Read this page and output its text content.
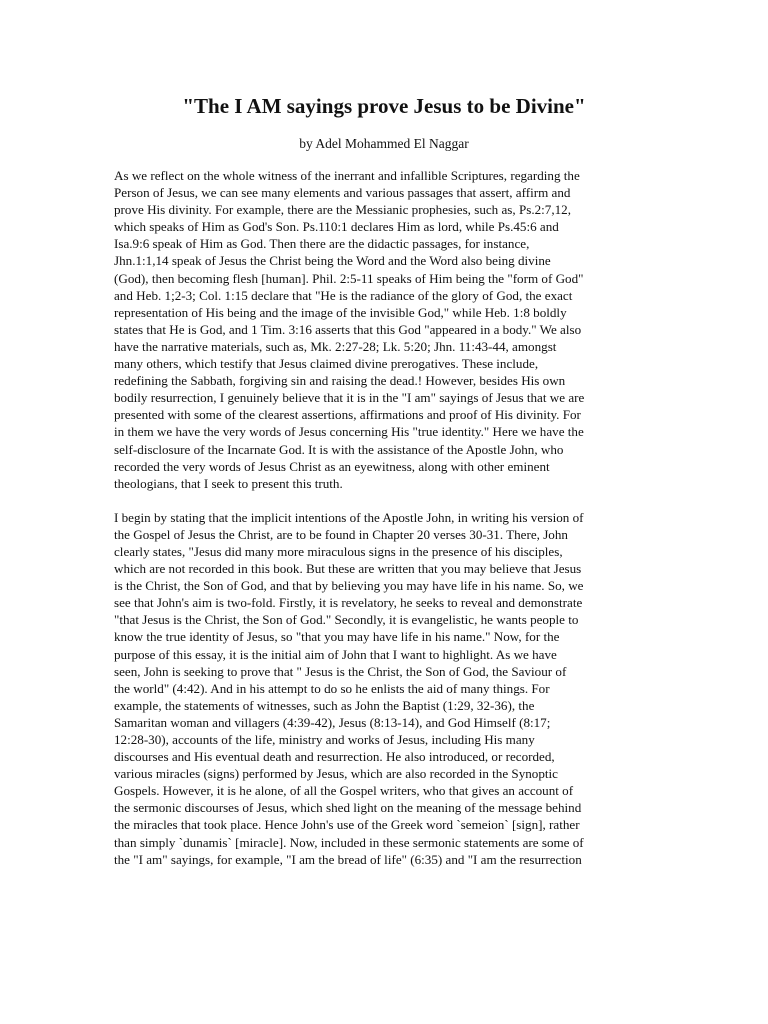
"The I AM sayings prove Jesus to be Divine"

by Adel Mohammed El Naggar

As we reflect on the whole witness of the inerrant and infallible Scriptures, regarding the
Person of Jesus, we can see many elements and various passages that assert, affirm and
prove His divinity. For example, there are the Messianic prophesies, such as, Ps.2:7,12,
which speaks of Him as God's Son. Ps.110:1 declares Him as lord, while Ps.45:6 and
Isa.9:6 speak of Him as God. Then there are the didactic passages, for instance,
Jhn.1:1,14 speak of Jesus the Christ being the Word and the Word also being divine
(God), then becoming flesh [human]. Phil. 2:5-11 speaks of Him being the "form of God"
and Heb. 1;2-3; Col. 1:15 declare that "He is the radiance of the glory of God, the exact
representation of His being and the image of the invisible God," while Heb. 1:8 boldly
states that He is God, and 1 Tim. 3:16 asserts that this God "appeared in a body." We also
have the narrative materials, such as, Mk. 2:27-28; Lk. 5:20; Jhn. 11:43-44, amongst
many others, which testify that Jesus claimed divine prerogatives. These include,
redefining the Sabbath, forgiving sin and raising the dead.! However, besides His own
bodily resurrection, I genuinely believe that it is in the "I am" sayings of Jesus that we are
presented with some of the clearest assertions, affirmations and proof of His divinity. For
in them we have the very words of Jesus concerning His "true identity." Here we have the
self-disclosure of the Incarnate God. It is with the assistance of the Apostle John, who
recorded the very words of Jesus Christ as an eyewitness, along with other eminent
theologians, that I seek to present this truth.

I begin by stating that the implicit intentions of the Apostle John, in writing his version of
the Gospel of Jesus the Christ, are to be found in Chapter 20 verses 30-31. There, John
clearly states, "Jesus did many more miraculous signs in the presence of his disciples,
which are not recorded in this book. But these are written that you may believe that Jesus
is the Christ, the Son of God, and that by believing you may have life in his name. So, we
see that John's aim is two-fold. Firstly, it is revelatory, he seeks to reveal and demonstrate
"that Jesus is the Christ, the Son of God." Secondly, it is evangelistic, he wants people to
know the true identity of Jesus, so "that you may have life in his name." Now, for the
purpose of this essay, it is the initial aim of John that I want to highlight. As we have
seen, John is seeking to prove that " Jesus is the Christ, the Son of God, the Saviour of
the world" (4:42). And in his attempt to do so he enlists the aid of many things. For
example, the statements of witnesses, such as John the Baptist (1:29, 32-36), the
Samaritan woman and villagers (4:39-42), Jesus (8:13-14), and God Himself (8:17;
12:28-30), accounts of the life, ministry and works of Jesus, including His many
discourses and His eventual death and resurrection. He also introduced, or recorded,
various miracles (signs) performed by Jesus, which are also recorded in the Synoptic
Gospels. However, it is he alone, of all the Gospel writers, who that gives an account of
the sermonic discourses of Jesus, which shed light on the meaning of the message behind
the miracles that took place. Hence John's use of the Greek word `semeion` [sign], rather
than simply `dunamis` [miracle]. Now, included in these sermonic statements are some of
the "I am" sayings, for example, "I am the bread of life" (6:35) and "I am the resurrection
